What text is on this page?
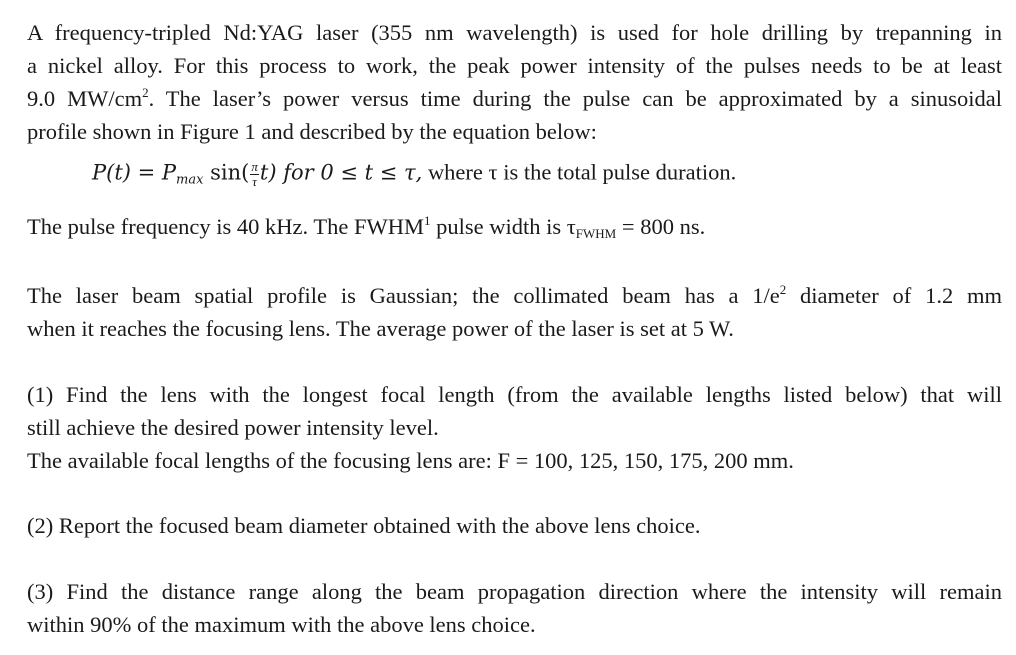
A frequency-tripled Nd:YAG laser (355 nm wavelength) is used for hole drilling by trepanning in
a nickel alloy. For this process to work, the peak power intensity of the pulses needs to be at least
9.0 $MW/cm^2$. The laser’s power versus time during the pulse can be approximated by a sinusoidal
profile shown in Figure 1 and described by the equation below:
P(t) = Pmax $\sin( \frac{\pi}{\tau} t)$ for 0 ≤ t ≤ τ, where τ is the total pulse duration.
The pulse frequency is 40 kHz. The FWHM$^1$ pulse width is τFWHM = 800 ns.
The laser beam spatial profile is Gaussian; the collimated beam has a $1/e^2$ diameter of 1.2 mm
when it reaches the focusing lens. The average power of the laser is set at 5 W.
(1) Find the lens with the longest focal length (from the available lengths listed below) that will
still achieve the desired power intensity level.
The available focal lengths of the focusing lens are: F = 100, 125, 150, 175, 200 mm.
(2) Report the focused beam diameter obtained with the above lens choice.
(3) Find the distance range along the beam propagation direction where the intensity will remain
within 90% of the maximum with the above lens choice.
